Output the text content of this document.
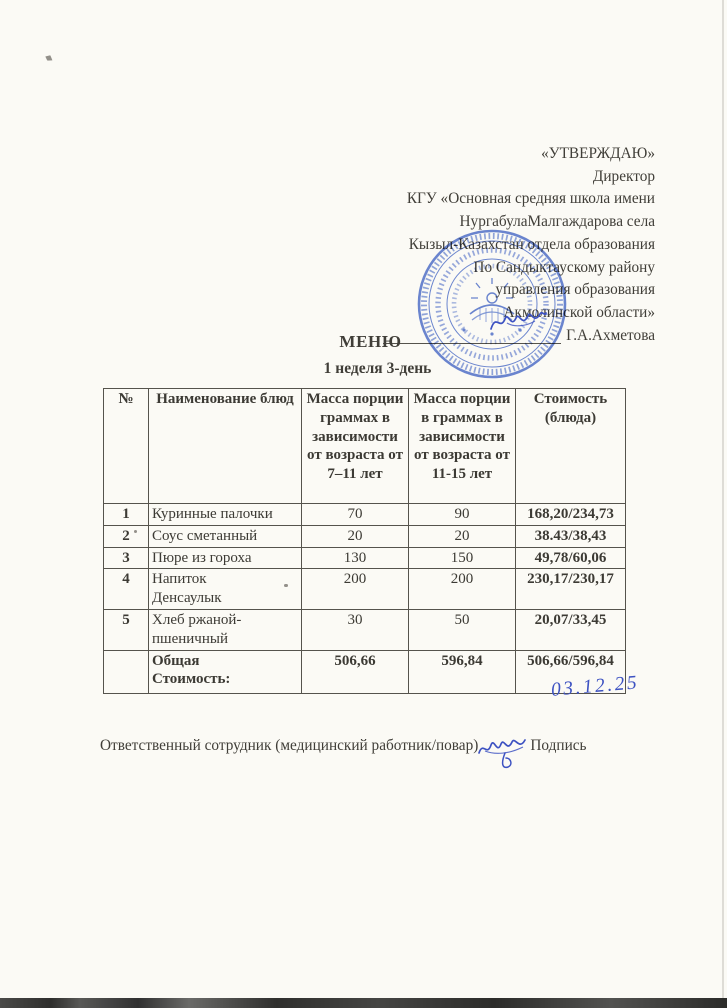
«УТВЕРЖДАЮ»
Директор
КГУ «Основная средняя школа имени
НургабулаМалгаждарова села
Кызыл-Казахстан отдела образования
По Сандыктаускому району
управления образования
Акмолинской области»
Г.А.Ахметова
МЕНЮ
1 неделя 3-день
№	Наименование блюд	Масса порции граммах в зависимости от возраста от 7–11 лет	Масса порции в граммах в зависимости от возраста от 11-15 лет	Стоимость (блюда)
1	Куринные палочки	70	90	168,20/234,73
2	Соус сметанный	20	20	38.43/38,43
3	Пюре из гороха	130	150	49,78/60,06
4	Напиток Денсаулык	200	200	230,17/230,17
5	Хлеб ржаной-пшеничный	30	50	20,07/33,45
	Общая Стоимость:	506,66	596,84	506,66/596,84
03.12.25
Ответственный сотрудник (медицинский работник/повар)	Подпись
